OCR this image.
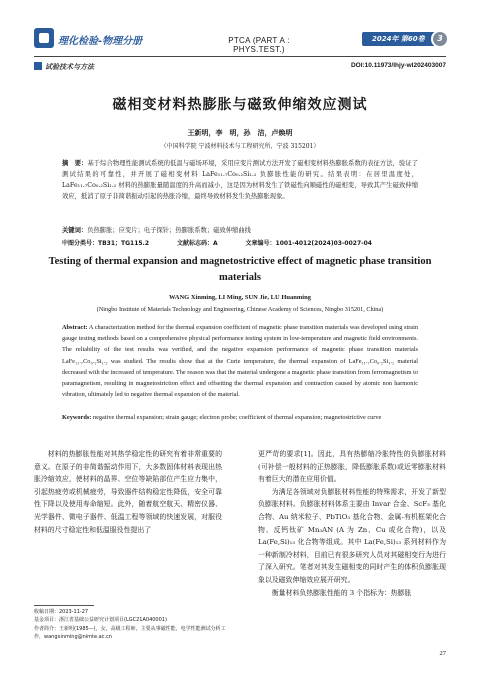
理化检验-物理分册	PTCA (PART A : PHYS.TEST.)
2024年 第60卷	3
试验技术与方法	DOI:10.11973/lhjy-wl202403007
磁相变材料热膨胀与磁致伸缩效应测试
王新明，李　明，孙　洁，卢焕明
（中国科学院 宁波材料技术与工程研究所，宁波 315201）
摘　要：基于综合物理性能测试系统的低温与磁场环境，采用应变片测试方法开发了磁相变材料热膨胀系数的表征方法，验证了测试结果的可靠性，并开展了磁相变材料 LaFe₁₁.₇Co₀.₂Si₁.₂ 负膨胀性能的研究。结果表明：在居里温度处，LaFe₁₁.₇Co₀.₂Si₁.₂ 材料的热膨胀量随温度的升高而减小，这是因为材料发生了铁磁性向顺磁性的磁相变，导致其产生磁致伸缩效应，抵消了原子非简谐振动引起的热胀冷缩，最终导致材料发生负热膨胀现象。
关键词：负热膨胀；应变片；电子探针；热膨胀系数；磁致伸缩曲线
中图分类号：TB31；TG115.2	文献标志码：A	文章编号：1001-4012(2024)03-0027-04
Testing of thermal expansion and magnetostrictive effect of magnetic phase transition materials
WANG Xinming, LI Ming, SUN Jie, LU Huanming
(Ningbo Institute of Materials Technology and Engineering, Chinese Academy of Sciences, Ningbo 315201, China)
Abstract: A characterization method for the thermal expansion coefficient of magnetic phase transition materials was developed using strain gauge testing methods based on a comprehensive physical performance testing system in low-temperature and magnetic field environments. The reliability of the test results was verified, and the negative expansion performance of magnetic phase transition materials LaFe₁₁.₇Co₀.₂Si₁.₂ was studied. The results show that at the Curie temperature, the thermal expansion of LaFe₁₁.₇Co₀.₂Si₁.₂ material decreased with the increased of temperature. The reason was that the material undergone a magnetic phase transition from ferromagnetism to paramagnetism, resulting in magnetostriction effect and offsetting the thermal expansion and contraction caused by atomic non harmonic vibration, ultimately led to negative thermal expansion of the material.
Keywords: negative thermal expansion; strain gauge; electron probe; coefficient of thermal expansion; magnetostrictive curve

材料的热膨胀性能对其热学稳定性的研究有着非常重要的意义。在原子的非简谐振动作用下，大多数固体材料表现出热胀冷缩效应，使材料的晶界、空位等缺陷部位产生应力集中，引起热疲劳或机械疲劳，导致器件结构稳定性降低，安全可靠性下降以及使用寿命缩短。此外，随着航空航天、精密仪器、光学器件、微电子器件、低温工程等领域的快速发展，对服役材料的尺寸稳定性和低温服役性提出了

更严苛的要求[1]。因此，具有热膨缩冷胀特性的负膨胀材料(可补偿一般材料的正热膨胀，降低膨胀系数)或近零膨胀材料有着巨大的潜在应用价值。

为满足各领域对负膨胀材料性能的特殊需求，开发了新型负膨胀材料。负膨胀材料体系主要由 Invar 合金、ScF₃ 基化合物、Au 纳米粒子、PbTiO₃ 基化合物、金属-有机框架化合物、反钙钛矿 Mn₃AN (A 为 Zn、Cu 或化合物)，以及 La(Fe,Si)₁₃ 化合物等组成。其中 La(Fe,Si)₁₃ 系列材料作为一种新制冷材料，目前已有很多研究人员对其磁相变行为进行了深入研究。笔者对其发生磁相变的同时产生的体积负膨胀现象以及磁致伸缩效应展开研究。

衡量材料负热膨胀性能的 3 个指标为：热膨胀

收稿日期：2023-11-27
基金项目：浙江省基础公益研究计划项目(LGC21A040001)
作者简介：王新明(1985—)，女，高级工程师，主要从事磁性能、电学性能测试分析工作，wangxinming@nimte.ac.cn
27
